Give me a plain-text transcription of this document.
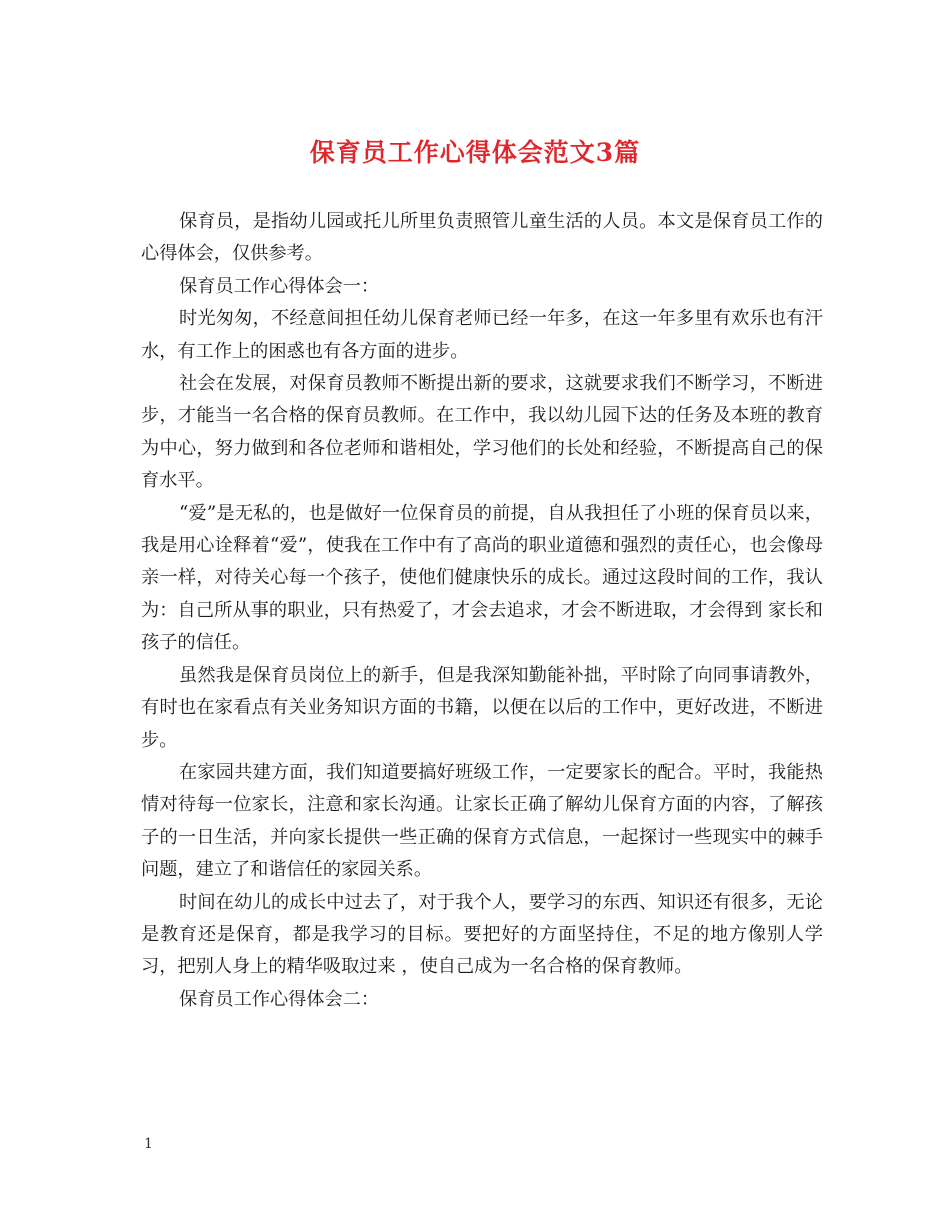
保育员工作心得体会范文3篇

保育员，是指幼儿园或托儿所里负责照管儿童生活的人员。本文是保育员工作的心得体会，仅供参考。

保育员工作心得体会一：

时光匆匆，不经意间担任幼儿保育老师已经一年多，在这一年多里有欢乐也有汗水，有工作上的困惑也有各方面的进步。

社会在发展，对保育员教师不断提出新的要求，这就要求我们不断学习，不断进步，才能当一名合格的保育员教师。在工作中，我以幼儿园下达的任务及本班的教育为中心，努力做到和各位老师和谐相处，学习他们的长处和经验，不断提高自己的保育水平。

“爱”是无私的，也是做好一位保育员的前提，自从我担任了小班的保育员以来，我是用心诠释着“爱”，使我在工作中有了高尚的职业道德和强烈的责任心，也会像母亲一样，对待关心每一个孩子，使他们健康快乐的成长。通过这段时间的工作，我认为：自己所从事的职业，只有热爱了，才会去追求，才会不断进取，才会得到 家长和孩子的信任。

虽然我是保育员岗位上的新手，但是我深知勤能补拙，平时除了向同事请教外，有时也在家看点有关业务知识方面的书籍，以便在以后的工作中，更好改进，不断进步。

在家园共建方面，我们知道要搞好班级工作，一定要家长的配合。平时，我能热情对待每一位家长，注意和家长沟通。让家长正确了解幼儿保育方面的内容，了解孩子的一日生活，并向家长提供一些正确的保育方式信息，一起探讨一些现实中的棘手问题，建立了和谐信任的家园关系。

时间在幼儿的成长中过去了，对于我个人，要学习的东西、知识还有很多，无论是教育还是保育，都是我学习的目标。要把好的方面坚持住，不足的地方像别人学习，把别人身上的精华吸取过来 ，使自己成为一名合格的保育教师。

保育员工作心得体会二：

1
